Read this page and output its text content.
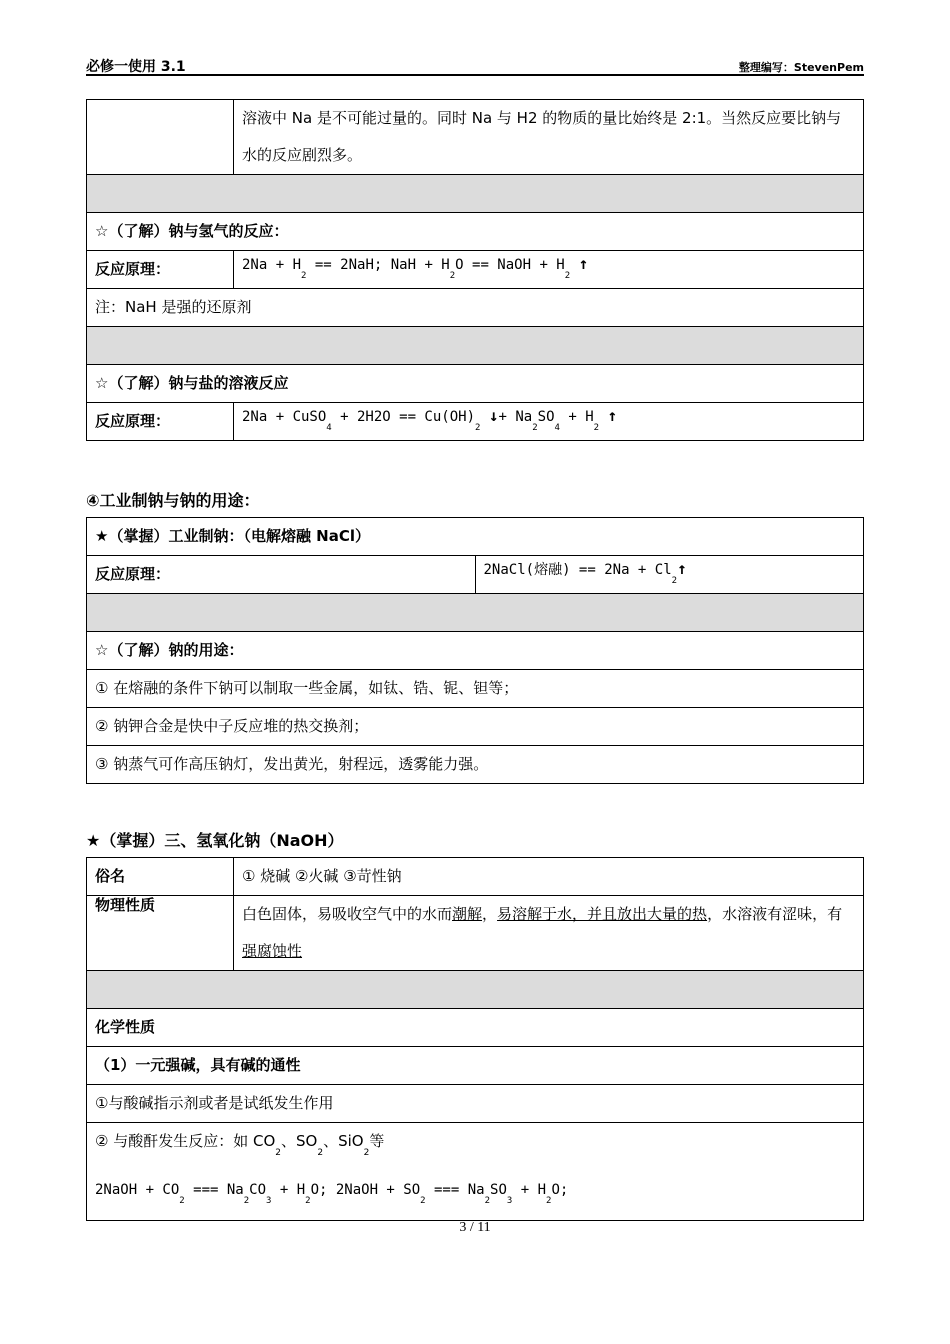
必修一使用 3.1	整理编写：StevenPem
	溶液中 Na 是不可能过量的。同时 Na 与 H2 的物质的量比始终是 2:1。当然反应要比钠与水的反应剧烈多。

☆（了解）钠与氢气的反应：	
反应原理：	$2Na + H_2 == 2NaH$; NaH + $H_2O$ == NaOH + $H_2$ ↑
注：NaH 是强的还原剂	

☆（了解）钠与盐的溶液反应	
反应原理：	2Na + CuSO$_4$ + $2H2O == Cu(OH)_2$ ↓+ $Na_2SO_4 + H_2$ ↑
④工业制钠与钠的用途：
★（掌握）工业制钠：（电解熔融 NaCl）
反应原理：	2NaCl(熔融) == $2Na + Cl_2↑$

☆（了解）钠的用途：
① 在熔融的条件下钠可以制取一些金属，如钛、锆、铌、钽等；
② 钠钾合金是快中子反应堆的热交换剂；
③ 钠蒸气可作高压钠灯，发出黄光，射程远，透雾能力强。
★（掌握）三、氢氧化钠（NaOH）
俗名	① 烧碱 ②火碱 ③苛性钠
物理性质	白色固体，易吸收空气中的水而潮解，易溶解于水，并且放出大量的热，水溶液有涩味，有强腐蚀性

化学性质	
（1）一元强碱，具有碱的通性	
①与酸碱指示剂或者是试纸发生作用	

② 与酸酐发生反应：如 $CO_2$、$SO_2$、SiO$_2$等
2NaOH + $CO_2$ === $Na_2CO_3 + H_2O$; 2NaOH + $SO_2$ === $Na_2SO_3 + H_2O$;	
3 / 11
